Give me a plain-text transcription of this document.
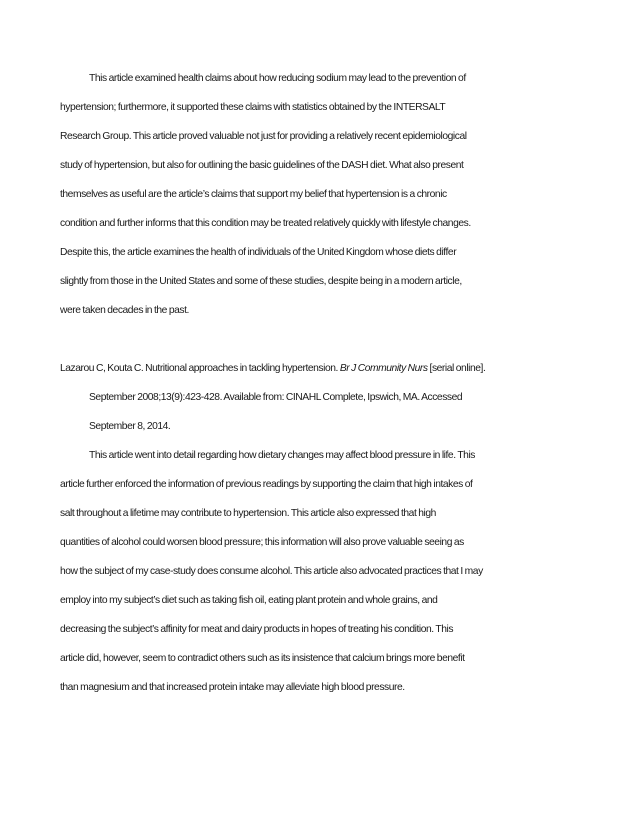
This article examined health claims about how reducing sodium may lead to the prevention of
hypertension; furthermore, it supported these claims with statistics obtained by the INTERSALT
Research Group. This article proved valuable not just for providing a relatively recent epidemiological
study of hypertension, but also for outlining the basic guidelines of the DASH diet. What also present
themselves as useful are the article’s claims that support my belief that hypertension is a chronic
condition and further informs that this condition may be treated relatively quickly with lifestyle changes.
Despite this, the article examines the health of individuals of the United Kingdom whose diets differ
slightly from those in the United States and some of these studies, despite being in a modern article,
were taken decades in the past.
Lazarou C, Kouta C. Nutritional approaches in tackling hypertension. Br J Community Nurs [serial online].
September 2008;13(9):423-428. Available from: CINAHL Complete, Ipswich, MA. Accessed
September 8, 2014.
This article went into detail regarding how dietary changes may affect blood pressure in life. This
article further enforced the information of previous readings by supporting the claim that high intakes of
salt throughout a lifetime may contribute to hypertension. This article also expressed that high
quantities of alcohol could worsen blood pressure; this information will also prove valuable seeing as
how the subject of my case-study does consume alcohol. This article also advocated practices that I may
employ into my subject’s diet such as taking fish oil, eating plant protein and whole grains, and
decreasing the subject’s affinity for meat and dairy products in hopes of treating his condition. This
article did, however, seem to contradict others such as its insistence that calcium brings more benefit
than magnesium and that increased protein intake may alleviate high blood pressure.
